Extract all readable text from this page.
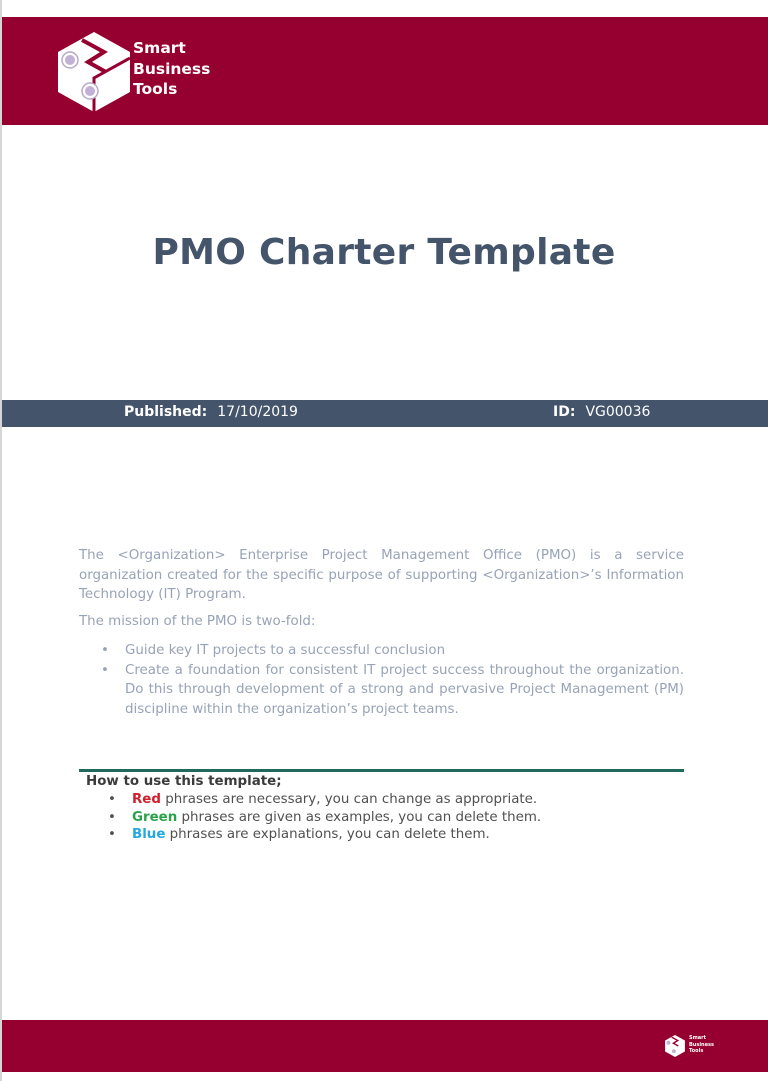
Smart
Business
Tools
PMO Charter Template
Published: 17/10/2019	ID: VG00036
The <Organization> Enterprise Project Management Office (PMO) is a service organization created for the specific purpose of supporting <Organization>’s Information Technology (IT) Program.
The mission of the PMO is two-fold:
• Guide key IT projects to a successful conclusion
• Create a foundation for consistent IT project success throughout the organization. Do this through development of a strong and pervasive Project Management (PM) discipline within the organization’s project teams.
How to use this template;
• Red phrases are necessary, you can change as appropriate.
• Green phrases are given as examples, you can delete them.
• Blue phrases are explanations, you can delete them.
Smart
Business
Tools
